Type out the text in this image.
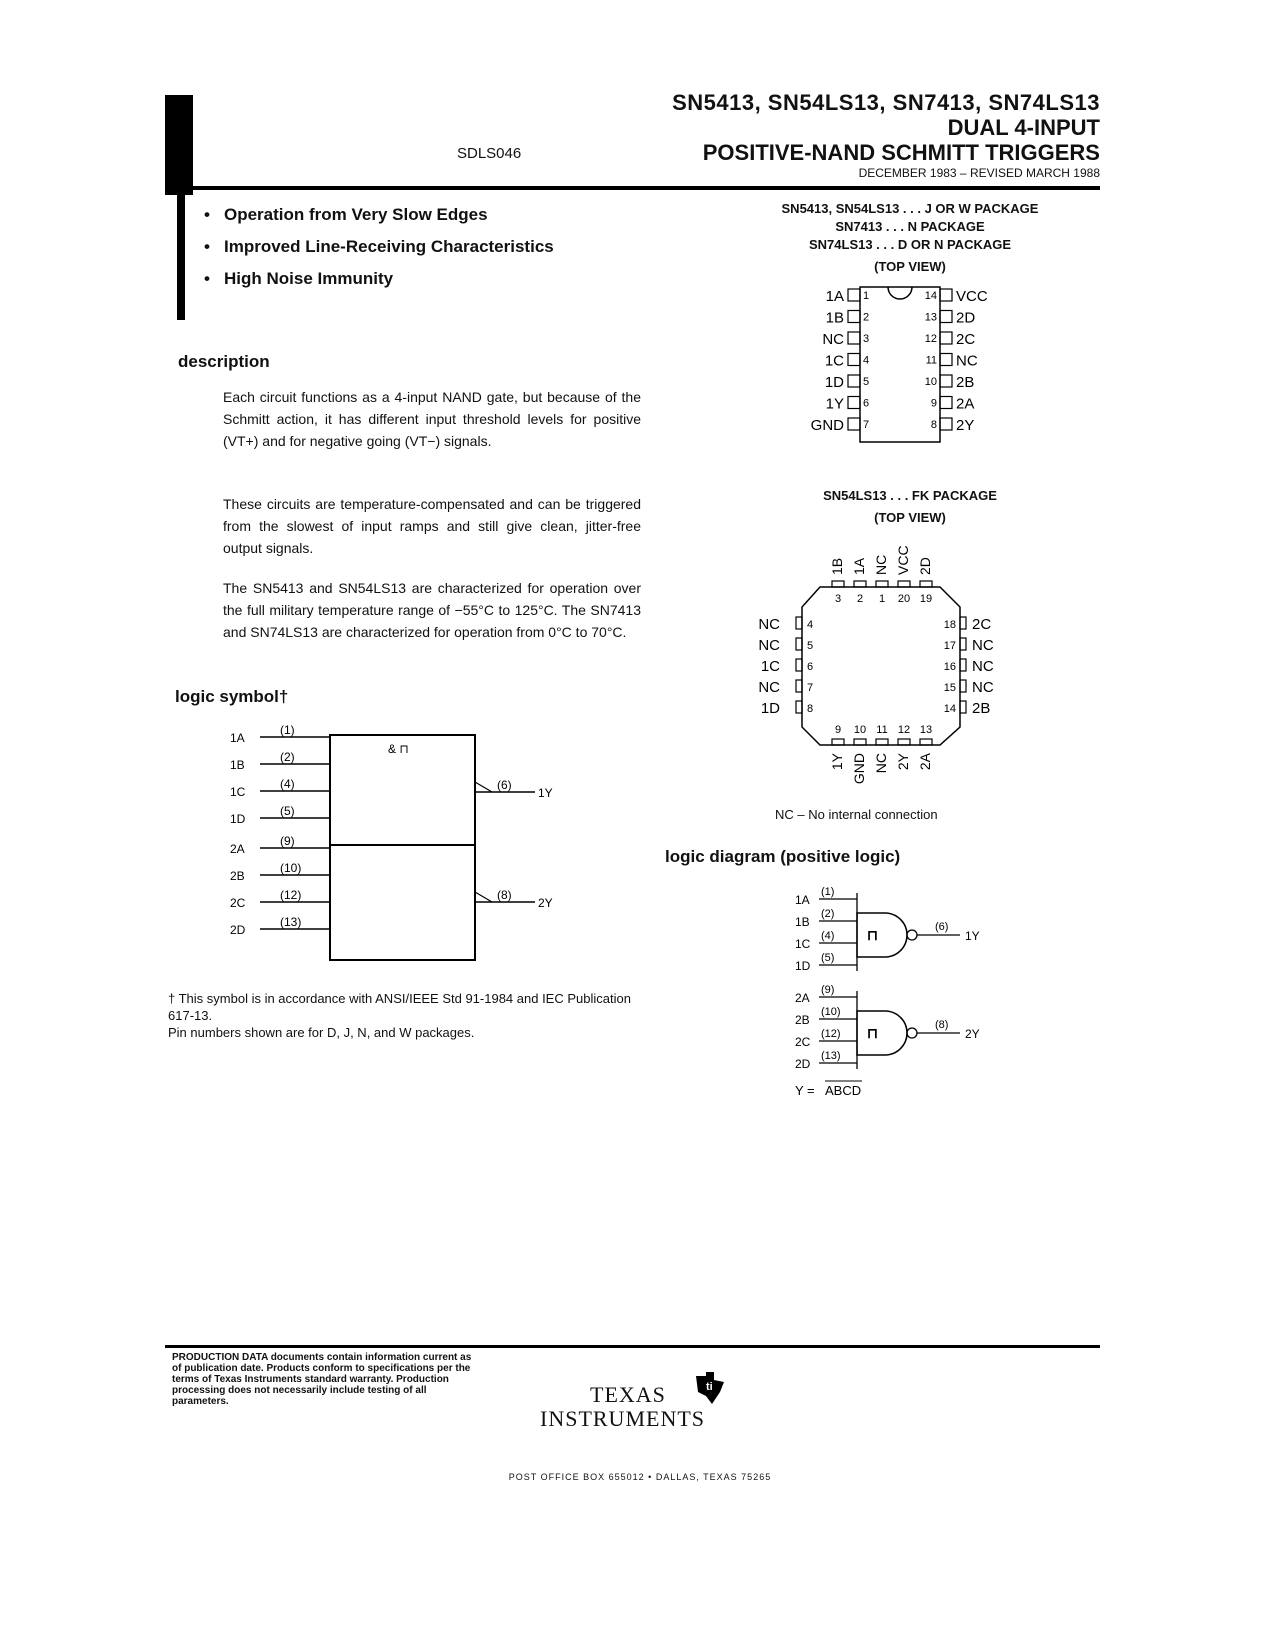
SN5413, SN54LS13, SN7413, SN74LS13
DUAL 4-INPUT
POSITIVE-NAND SCHMITT TRIGGERS
DECEMBER 1983 – REVISED MARCH 1988
SDLS046
• Operation from Very Slow Edges
• Improved Line-Receiving Characteristics
• High Noise Immunity
description
Each circuit functions as a 4-input NAND gate, but because of the Schmitt action, it has different input threshold levels for positive (VT+) and for negative going (VT−) signals.
These circuits are temperature-compensated and can be triggered from the slowest of input ramps and still give clean, jitter-free output signals.
The SN5413 and SN54LS13 are characterized for operation over the full military temperature range of −55°C to 125°C. The SN7413 and SN74LS13 are characterized for operation from 0°C to 70°C.
logic symbol†
& ⊓
1A
(1)
1B
(2)
1C
(4)
1D
(5)
2A
(9)
2B
(10)
2C
(12)
2D
(13)
(6)
1Y
(8)
2Y
† This symbol is in accordance with ANSI/IEEE Std 91-1984 and IEC Publication 617-13.
Pin numbers shown are for D, J, N, and W packages.
SN5413, SN54LS13 . . . J OR W PACKAGE
SN7413 . . . N PACKAGE
SN74LS13 . . . D OR N PACKAGE
(TOP VIEW)
1A 1
1B 2
NC 3
1C 4
1D 5
1Y 6
GND 7
VCC
14
2D
13
2C
12
NC
11
2B
10
2A
9
2Y
8
SN54LS13 . . . FK PACKAGE
(TOP VIEW)
1B
3
1A
2
NC
1
VCC
20
2D
19
9
1Y
10
GND
11
NC
12
2Y
13
2A
NC 4
NC 5
1C 6
NC 7
1D 8
2C
18
NC
17
NC
16
NC
15
2B
14
NC – No internal connection
logic diagram (positive logic)
1A
(1)
1B
(2)
1C
(4)
1D
(5)
⊓	(6)
1Y
2A
(9)
2B
(10)
2C
(12)
2D
(13)
⊓	(8)
2Y
Y = ABCD
PRODUCTION DATA documents contain information current as of publication date. Products conform to specifications per the terms of Texas Instruments standard warranty. Production processing does not necessarily include testing of all parameters.	TEXAS
INSTRUMENTS
ti
POST OFFICE BOX 655012 • DALLAS, TEXAS 75265
